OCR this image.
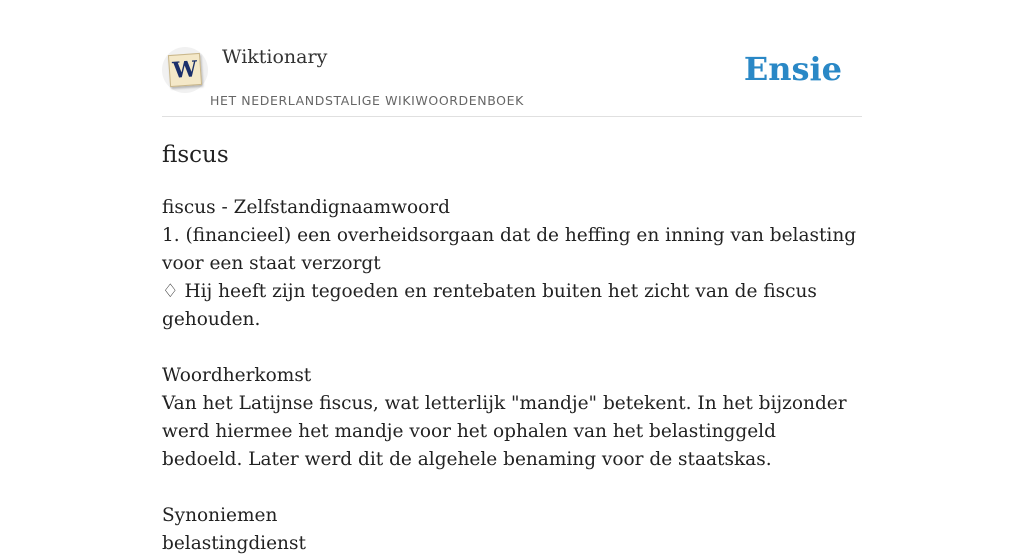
W Wiktionary
HET NEDERLANDSTALIGE WIKIWOORDENBOEK
Ensie
fiscus

fiscus - Zelfstandignaamwoord

1. (financieel) een overheidsorgaan dat de heffing en inning van belasting voor een staat verzorgt

♢ Hij heeft zijn tegoeden en rentebaten buiten het zicht van de fiscus gehouden.

Woordherkomst

Van het Latijnse fiscus, wat letterlijk "mandje" betekent. In het bijzonder werd hiermee het mandje voor het ophalen van het belastinggeld bedoeld. Later werd dit de algehele benaming voor de staatskas.

Synoniemen

belastingdienst
